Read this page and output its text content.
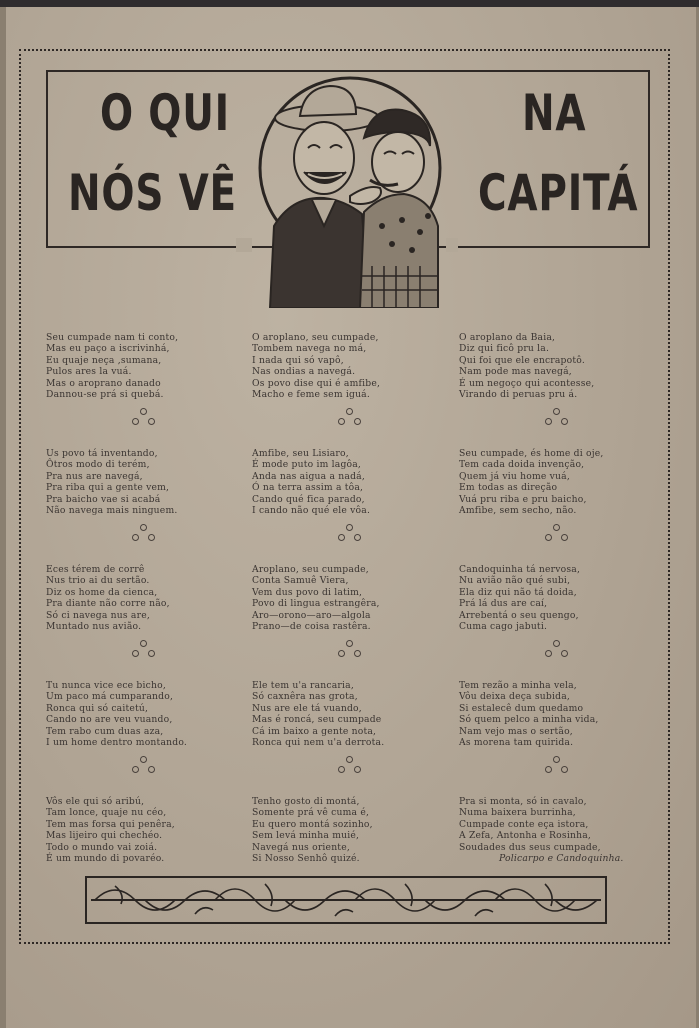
O QUI
NÓS VÊ
NA
CAPITÁ
Seu cumpade nam ti conto,
Mas eu paço a iscrivinhá,
Eu quaje neça ,sumana,
Pulos ares la vuá.
Mas o aroprano danado
Dannou-se prá si quebá.
Us povo tá inventando,
Ôtros modo di terém,
Pra nus are navegá,
Pra riba qui a gente vem,
Pra baicho vae si acabá
Não navega mais ninguem.
Eces térem de corrê
Nus trio ai du sertão.
Diz os home da cienca,
Pra diante não corre não,
Só ci navega nus are,
Muntado nus avião.
Tu nunca vice ece bicho,
Um paco má cumparando,
Ronca qui só caitetú,
Cando no are veu vuando,
Tem rabo cum duas aza,
I um home dentro montando.
Vôs ele qui só aribú,
Tam lonce, quaje nu céo,
Tem mas forsa qui penêra,
Mas lijeiro qui chechéo.
Todo o mundo vai zoiá.
É um mundo di povaréo.
O aroplano, seu cumpade,
Tombem navega no má,
I nada qui só vapô,
Nas ondias a navegá.
Os povo dise qui é amfibe,
Macho e feme sem iguá.
Amfibe, seu Lisiaro,
É mode puto im lagôa,
Anda nas aigua a nadá,
Ó na terra assim a tôa,
Cando qué fica parado,
I cando não qué ele vôa.
Aroplano, seu cumpade,
Conta Samuê Viera,
Vem dus povo di latim,
Povo di lingua estrangêra,
Aro—orono—aro—algola
Prano—de coisa rastêra.
Ele tem u'a rancaria,
Só caxnêra nas grota,
Nus are ele tá vuando,
Mas é roncá, seu cumpade
Cá im baixo a gente nota,
Ronca qui nem u'a derrota.
Tenho gosto di montá,
Somente prá vê cuma é,
Eu quero montá sozinho,
Sem levá minha muié,
Navegá nus oriente,
Si Nosso Senhô quizé.
O aroplano da Baia,
Diz qui ficô pru la.
Qui foi que ele encrapotô.
Nam pode mas navegá,
É um negoço qui acontesse,
Virando di peruas pru á.
Seu cumpade, és home di oje,
Tem cada doida invenção,
Quem já viu home vuá,
Em todas as direção
Vuá pru riba e pru baicho,
Amfibe, sem secho, não.
Candoquinha tá nervosa,
Nu avião não qué subi,
Ela diz qui não tá doida,
Prá lá dus are caí,
Arrebentá o seu quengo,
Cuma cago jabuti.
Tem rezão a minha vela,
Vôu deixa deça subida,
Si estalecê dum quedamo
Só quem pelco a minha vida,
Nam vejo mas o sertão,
As morena tam quirida.
Pra si monta, só in cavalo,
Numa baixera burrinha,
Cumpade conte eça istora,
A Zefa, Antonha e Rosinha,
Soudades dus seus cumpade,
Policarpo e Candoquinha.
